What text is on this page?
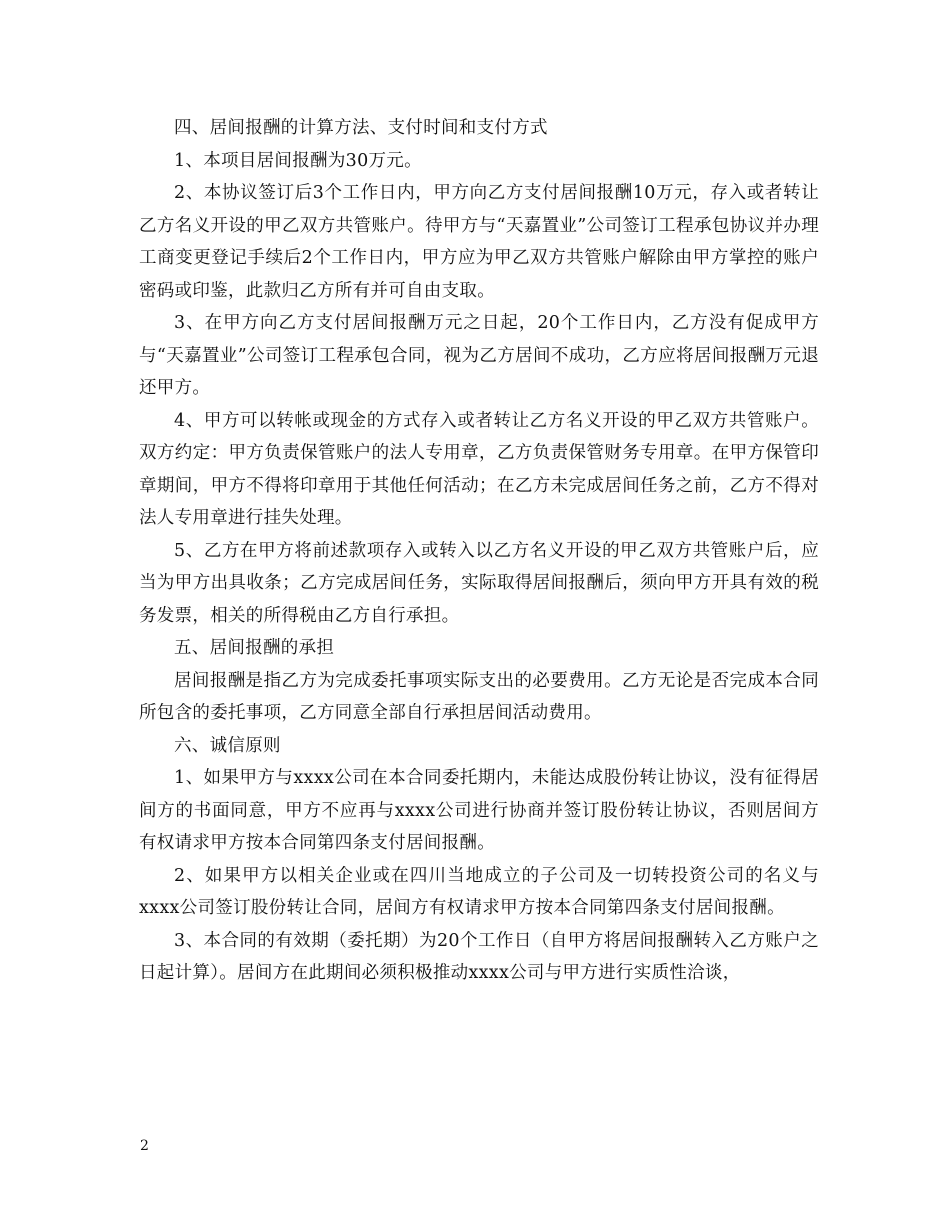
四、居间报酬的计算方法、支付时间和支付方式

1、本项目居间报酬为30万元。

2、本协议签订后3个工作日内，甲方向乙方支付居间报酬10万元，存入或者转让乙方名义开设的甲乙双方共管账户。待甲方与“天嘉置业”公司签订工程承包协议并办理工商变更登记手续后2个工作日内，甲方应为甲乙双方共管账户解除由甲方掌控的账户密码或印鉴，此款归乙方所有并可自由支取。

3、在甲方向乙方支付居间报酬万元之日起，20个工作日内，乙方没有促成甲方与“天嘉置业”公司签订工程承包合同，视为乙方居间不成功，乙方应将居间报酬万元退还甲方。

4、甲方可以转帐或现金的方式存入或者转让乙方名义开设的甲乙双方共管账户。双方约定：甲方负责保管账户的法人专用章，乙方负责保管财务专用章。在甲方保管印章期间，甲方不得将印章用于其他任何活动；在乙方未完成居间任务之前，乙方不得对法人专用章进行挂失处理。

5、乙方在甲方将前述款项存入或转入以乙方名义开设的甲乙双方共管账户后，应当为甲方出具收条；乙方完成居间任务，实际取得居间报酬后，须向甲方开具有效的税务发票，相关的所得税由乙方自行承担。

五、居间报酬的承担

居间报酬是指乙方为完成委托事项实际支出的必要费用。乙方无论是否完成本合同所包含的委托事项，乙方同意全部自行承担居间活动费用。

六、诚信原则

1、如果甲方与xxxx公司在本合同委托期内，未能达成股份转让协议，没有征得居间方的书面同意，甲方不应再与xxxx公司进行协商并签订股份转让协议，否则居间方有权请求甲方按本合同第四条支付居间报酬。

2、如果甲方以相关企业或在四川当地成立的子公司及一切转投资公司的名义与xxxx公司签订股份转让合同，居间方有权请求甲方按本合同第四条支付居间报酬。

3、本合同的有效期（委托期）为20个工作日（自甲方将居间报酬转入乙方账户之日起计算）。居间方在此期间必须积极推动xxxx公司与甲方进行实质性洽谈，

2
